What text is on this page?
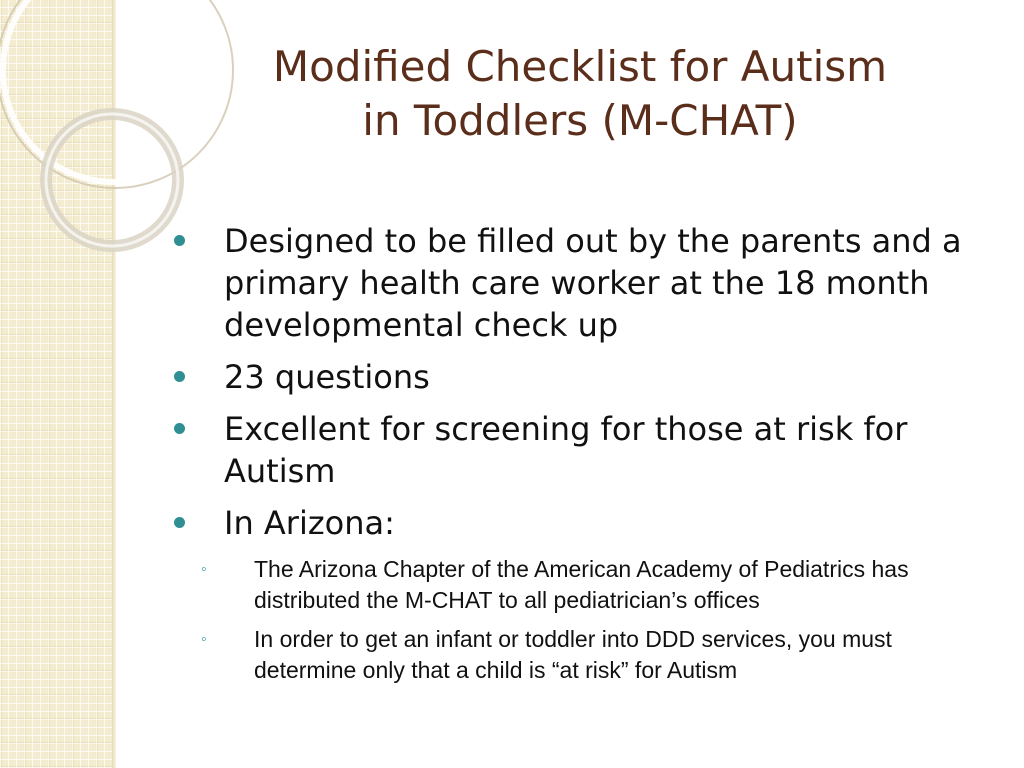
Modified Checklist for Autism
in Toddlers (M-CHAT)
Designed to be filled out by the parents and a primary health care worker at the 18 month developmental check up
23 questions
Excellent for screening for those at risk for Autism
In Arizona:
◦ The Arizona Chapter of the American Academy of Pediatrics has distributed the M-CHAT to all pediatrician’s offices
◦ In order to get an infant or toddler into DDD services, you must determine only that a child is “at risk” for Autism
